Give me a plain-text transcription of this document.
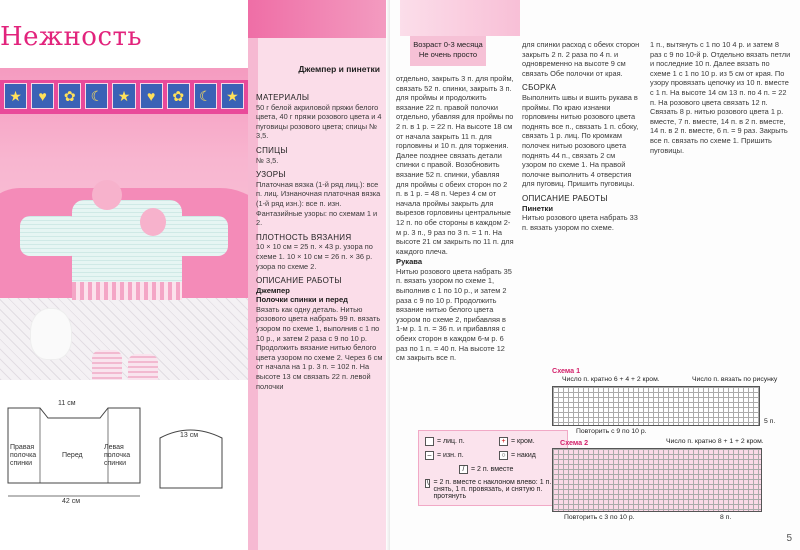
Нежность
★	♥	✿	☾	★	♥	✿	☾	★
Джемпер и пинетки
МАТЕРИАЛЫ

50 г белой акриловой пряжи белого цвета, 40 г пряжи розового цвета и 4 пуговицы розового цвета; спицы № 3,5.

СПИЦЫ

№ 3,5.

УЗОРЫ

Платочная вязка (1-й ряд лиц.): все п. лиц. Изнаночная платочная вязка (1-й ряд изн.): все п. изн. Фантазийные узоры: по схемам 1 и 2.

ПЛОТНОСТЬ ВЯЗАНИЯ

10 × 10 см = 25 п. × 43 р. узора по схеме 1. 10 × 10 см = 26 п. × 36 р. узора по схеме 2.

ОПИСАНИЕ РАБОТЫ
Джемпер
Полочки спинки и перед

Вязать как одну деталь. Нитью розового цвета набрать 99 п. вязать узором по схеме 1, выполнив с 1 по 10 р., и затем 2 раза с 9 по 10 р. Продолжить вязание нитью белого цвета узором по схеме 2. Через 6 см от начала на 1 р. 3 п. = 102 п. На высоте 13 см связать 22 п. левой полочки

11 см
Правая полочка спинки
Перед
Левая полочка спинки
42 см
13 см
Возраст 0-3 месяца
Не очень просто

отдельно, закрыть 3 п. для пройм, связать 52 п. спинки, закрыть 3 п. для проймы и продолжить вязание 22 п. правой полочки отдельно, убавляя для проймы по 2 п. в 1 р. = 22 п. На высоте 18 см от начала закрыть 11 п. для горловины и 10 п. для торжения. Далее позднее связать детали спинки с правой. Возобновить вязание 52 п. спинки, убавляя для проймы с обеих сторон по 2 п. в 1 р. = 48 п. Через 4 см от начала проймы закрыть для вырезов горловины центральные 12 п. по обе стороны в каждом 2-м р. 3 п., 9 раз по 3 п. = 1 п. На высоте 21 см закрыть по 11 п. для каждого плеча.

Рукава

Нитью розового цвета набрать 35 п. вязать узором по схеме 1, выполнив с 1 по 10 р., и затем 2 раза с 9 по 10 р. Продолжить вязание нитью белого цвета узором по схеме 2, прибавляя в 1-м р. 1 п. = 36 п. и прибавляя с обеих сторон в каждом 6-м р. 6 раз по 1 п. = 40 п. На высоте 12 см закрыть все п.

для спинки расход с обеих сторон закрыть 2 п. 2 раза по 4 п. и одновременно на высоте 9 см связать Обе полочки от края.

СБОРКА

Выполнить швы и вшить рукава в проймы. По краю изнанки горловины нитью розового цвета поднять все п., связать 1 п. сбоку, связать 1 р. лиц. По кромкам полочек нитью розового цвета поднять 44 п., связать 2 см узором по схеме 1. На правой полочке выполнить 4 отверстия для пуговиц. Пришить пуговицы.

ОПИСАНИЕ РАБОТЫ
Пинетки

Нитью розового цвета набрать 33 п. вязать узором по схеме.

1 п., вытянуть с 1 по 10 4 р. и затем 8 раз с 9 по 10-й р. Отдельно вязать петли и последние 10 п. Далее вязать по схеме 1 с 1 по 10 р. из 5 см от края. По узору провязать цепочку из 10 п. вместе с 1 п. На высоте 14 см 13 п. по 4 п. = 22 п. На розового цвета связать 12 п. Связать 8 р. нитью розового цвета 1 р. вместе, 7 п. вместе, 14 п. в 2 п. вместе, 14 п. в 2 п. вместе, 6 п. = 9 раз. Закрыть все п. связать по схеме 1. Пришить пуговицы.

= лиц. п.	+ = кром.
– = изн. п.	○ = накид
/ = 2 п. вместе
\ = 2 п. вместе с наклоном влево: 1 п. снять, 1 п. провязать, и снятую п. протянуть
Схема 1
Число п. кратно 6 + 4 + 2 кром.	Число п. вязать по рисунку
5 п.
Повторить с 9 по 10 р.
Схема 2	Число п. кратно 8 + 1 + 2 кром.
8 п.
Повторить с 3 по 10 р.
5
